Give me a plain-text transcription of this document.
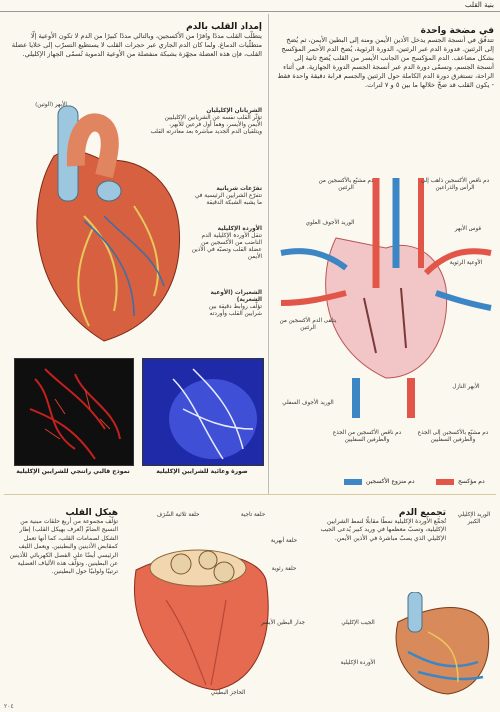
بنية القلب
في مضخة واحدة
تتدفّق في أنسجة الجسم يدخل الأذين الأيمن ومنه إلى البطين الأيمن، ثم يُضخ إلى الرئتين. فدورة الدم عبر الرئتين، الدورة الرئوية، يُضخ الدم الأحمر المؤكسج بشكل مضاعف. الدم المؤكسج من الجانب الأيسر من القلب يُضخ ثانية إلى أنسجة الجسم، وتسمّى دورة الدم عبر أنسجة الجسم الدورة الجهازية. في أثناء الراحة، تستغرق دورة الدم الكاملة حول الرئتين والجسم قرابة دقيقة واحدة فقط - يكون القلب قد ضخّ خلالها ما بين ٥ و ٧ لترات.
إمداد القلب بالدم
يتطلّب القلب مددًا وافرًا من الأكسجين، وبالتالي مددًا كبيرًا من الدم لا تكون الأوعية إلّا متطلّبات الدماغ. ولما كان الدم الجاري عبر حجرات القلب لا يستطيع التسرّب إلى خلايا عضلة القلب، فإن هذه العضلة مجهّزة بشبكة منفصلة من الأوعية الدموية تُسمّى الجهاز الإكليلي.
الأبهر (الوتين)
الشريانان الإكليليان
تؤثّر القلب نفسه عن الشريانين الإكليليين الأيمن والأيسر، وهما أول فرعين للأبهر، ويتلقيان الدم الجديد مباشرة بعد مغادرته القلب
تفرّعات شريانية
تتفرّع الشرايين الرئيسية في ما يشبه الشبكة الدقيقة
الأوردة الإكليلية
تنقل الأوردة الإكليلية الدم الناضب من الأكسجين من عضلة القلب وتصبّه في الأذين الأيمن
الشعيرات (الأوعية الشعرية)
تؤلّف روابط دقيقة بين شرايين القلب وأوردته
نموذج قالبي راتنجي للشرايين الإكليلية	صورة وعائية للشرايين الإكليلية
دم مشبّع بالأكسجين من الرئتين
دم ناقص الأكسجين ذاهب إلى الرأس والذراعين
قوس الأبهر
الوريد الأجوف العلوي
الأوعية الرئوية
يتلقى الدم الأكسجين من الرئتين
الوريد الأجوف السفلي
الأبهر النازل
دم ناقص الأكسجين من الجذع والطرفين السفليين
دم مشبّع بالأكسجين إلى الجذع والطرفين السفليين
دم منزوع الأكسجين	دم مؤكسج
هيكل القلب
تؤلّف مجموعة من أربع حلقات مبنية من النسيج الضامّ (تُعرف بهيكل القلب) إطار الشكل لصمامات القلب، كما أنها تعمل كمقابض الأذينين والبطينين. ويعمل الليف الرئيسي أيضًا على الفصل الكهربائي للأذينين عن البطينين. وتؤلّف هذه الألياف العضلية ترتيبًا ولولبيًا حول البطينين.
حلقة ثلاثية الشُرَف	حلقة تاجية
حلقة أبهرية
حلقة رئوية
جدار البطين الأيسر
الحاجز البطيني
تجميع الدم
تُجمِّع الأوردة الإكليلية نمطًا مقابلًا لنمط الشرايين الإكليلية، وتصبّ معظمها في وريد كبير يُدعى الجيب الإكليلي الذي يصبّ مباشرة في الأذين الأيمن.
الوريد الإكليلي الكبير
الجيب الإكليلي
الأوردة الإكليلية
٢٠٤
